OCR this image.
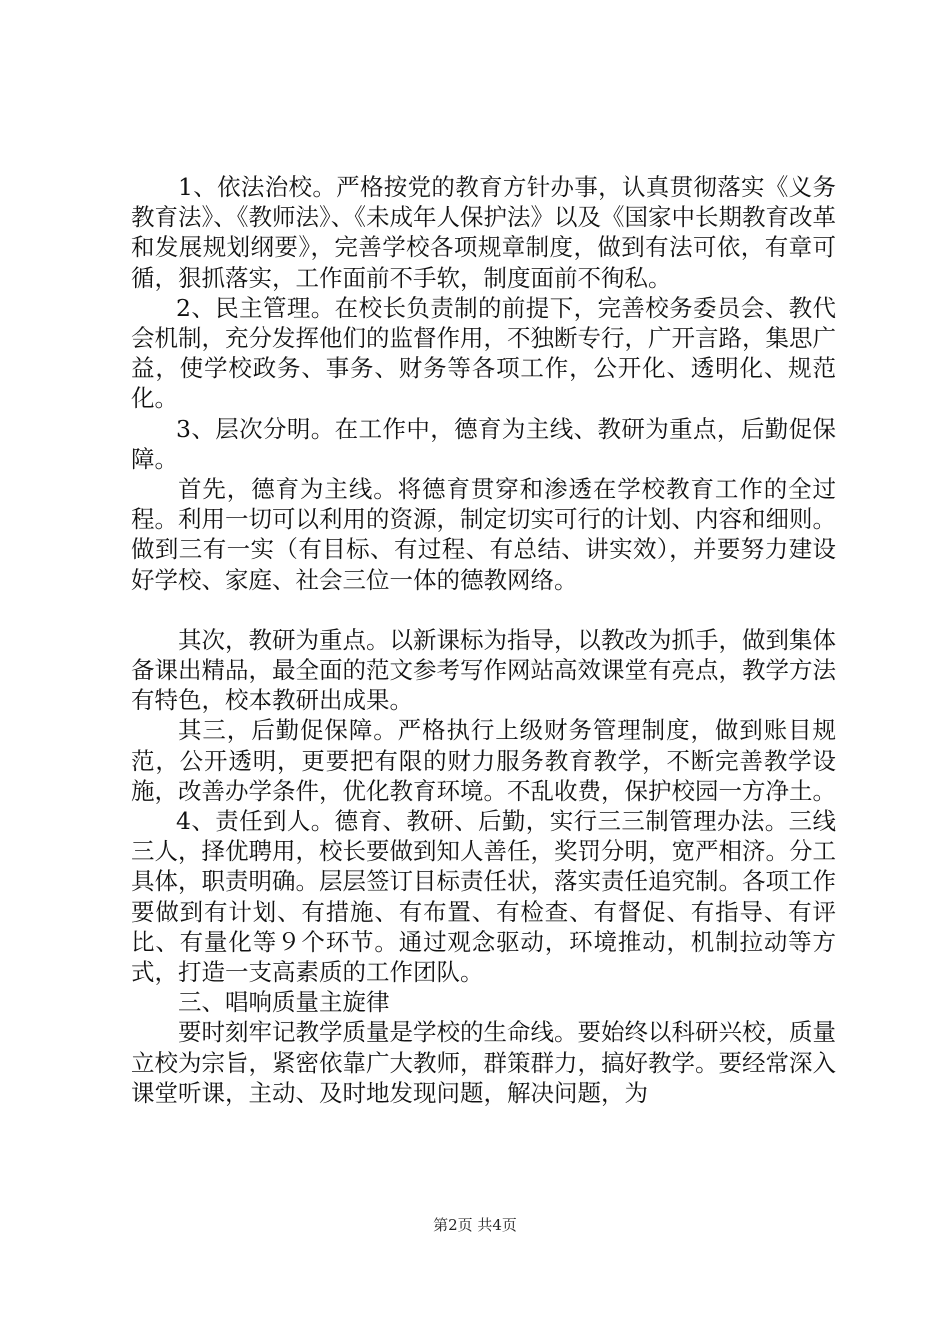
1、依法治校。严格按党的教育方针办事，认真贯彻落实《义务教育法》、《教师法》、《未成年人保护法》以及《国家中长期教育改革和发展规划纲要》，完善学校各项规章制度，做到有法可依，有章可循，狠抓落实，工作面前不手软，制度面前不徇私。

2、民主管理。在校长负责制的前提下，完善校务委员会、教代会机制，充分发挥他们的监督作用，不独断专行，广开言路，集思广益，使学校政务、事务、财务等各项工作，公开化、透明化、规范化。

3、层次分明。在工作中，德育为主线、教研为重点，后勤促保障。

首先，德育为主线。将德育贯穿和渗透在学校教育工作的全过程。利用一切可以利用的资源，制定切实可行的计划、内容和细则。做到三有一实（有目标、有过程、有总结、讲实效），并要努力建设好学校、家庭、社会三位一体的德教网络。

其次，教研为重点。以新课标为指导，以教改为抓手，做到集体备课出精品，最全面的范文参考写作网站高效课堂有亮点，教学方法有特色，校本教研出成果。

其三，后勤促保障。严格执行上级财务管理制度，做到账目规范，公开透明，更要把有限的财力服务教育教学，不断完善教学设施，改善办学条件，优化教育环境。不乱收费，保护校园一方净土。

4、责任到人。德育、教研、后勤，实行三三制管理办法。三线三人，择优聘用，校长要做到知人善任，奖罚分明，宽严相济。分工具体，职责明确。层层签订目标责任状，落实责任追究制。各项工作要做到有计划、有措施、有布置、有检查、有督促、有指导、有评比、有量化等９个环节。通过观念驱动，环境推动，机制拉动等方式，打造一支高素质的工作团队。

三、唱响质量主旋律

要时刻牢记教学质量是学校的生命线。要始终以科研兴校，质量立校为宗旨，紧密依靠广大教师，群策群力，搞好教学。要经常深入课堂听课，主动、及时地发现问题，解决问题，为

第2页 共4页
